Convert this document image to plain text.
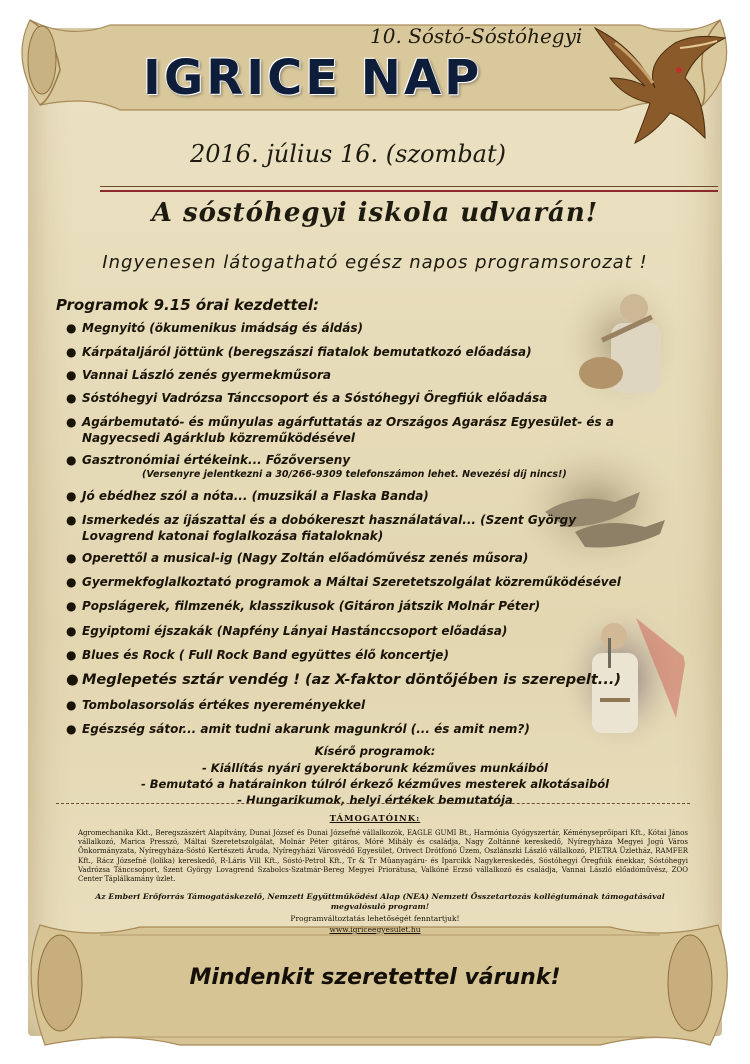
10. Sóstó-Sóstóhegyi
IGRICE NAP
2016. július 16. (szombat)
A sóstóhegyi iskola udvarán!
Ingyenesen látogatható egész napos programsorozat !
Programok 9.15 órai kezdettel:
● Megnyitó (ökumenikus imádság és áldás)
● Kárpátaljáról jöttünk (beregszászi fiatalok bemutatkozó előadása)
● Vannai László zenés gyermekműsora
● Sóstóhegyi Vadrózsa Tánccsoport és a Sóstóhegyi Öregfiúk előadása
● Agárbemutató- és műnyulas agárfuttatás az Országos Agarász Egyesület- és a Nagyecsedi Agárklub közreműködésével
● Gasztronómiai értékeink... Főzőverseny
(Versenyre jelentkezni a 30/266-9309 telefonszámon lehet. Nevezési díj nincs!)
● Jó ebédhez szól a nóta... (muzsikál a Flaska Banda)
● Ismerkedés az íjászattal és a dobókereszt használatával... (Szent György Lovagrend katonai foglalkozása fiataloknak)
● Operettől a musical-ig (Nagy Zoltán előadóművész zenés műsora)
● Gyermekfoglalkoztató programok a Máltai Szeretetszolgálat közreműködésével
● Popslágerek, filmzenék, klasszikusok (Gitáron játszik Molnár Péter)
● Egyiptomi éjszakák (Napfény Lányai Hastánccsoport előadása)
● Blues és Rock ( Full Rock Band együttes élő koncertje)
● Meglepetés sztár vendég ! (az X-faktor döntőjében is szerepelt...)
● Tombolasorsolás értékes nyereményekkel
● Egészség sátor... amit tudni akarunk magunkról (... és amit nem?)
Kísérő programok:
- Kiállítás nyári gyerektáborunk kézműves munkáiból
- Bemutató a határainkon túlról érkező kézműves mesterek alkotásaiból
- Hungarikumok, helyi értékek bemutatója
TÁMOGATÓINK:
Agromechanika Kkt., Beregszászért Alapítvány, Dunai József és Dunai Józsefné vállalkozók, EAGLE GUMI Bt., Harmónia Gyógyszertár, Kéményseprőipari Kft., Kótai János vállalkozó, Marica Presszó, Máltai Szeretetszolgálat, Molnár Péter gitáros, Móré Mihály és családja, Nagy Zoltánné kereskedő, Nyíregyháza Megyei Jogú Város Önkormányzata, Nyíregyháza-Sóstó Kertészeti Áruda, Nyíregyházi Városvédő Egyesület, Orivect Drótfonó Üzem, Oszlánszki László vállalkozó, PIETRA Üzletház, RAMFER Kft., Rácz Józsefné (lolika) kereskedő, R-Láris Vill Kft., Sóstó-Petrol Kft., Tr & Tr Mûanyagáru- és Iparcikk Nagykereskedés, Sóstóhegyi Öregfiúk énekkar, Sóstóhegyi Vadrózsa Tánccsoport, Szent György Lovagrend Szabolcs-Szatmár-Bereg Megyei Priorátusa, Valkóné Erzsó vállalkozó és családja, Vannai László előadóművész, ZOO Center Táplálkamány üzlet.
Az Emberi Erőforrás Támogatáskezelő, Nemzeti Együttműködési Alap (NEA) Nemzeti Összetartozás kollégiumának támogatásával megvalósuló program!
Programváltoztatás lehetőségét fenntartjuk!
www.igriceegyesulet.hu
Mindenkit szeretettel várunk!
